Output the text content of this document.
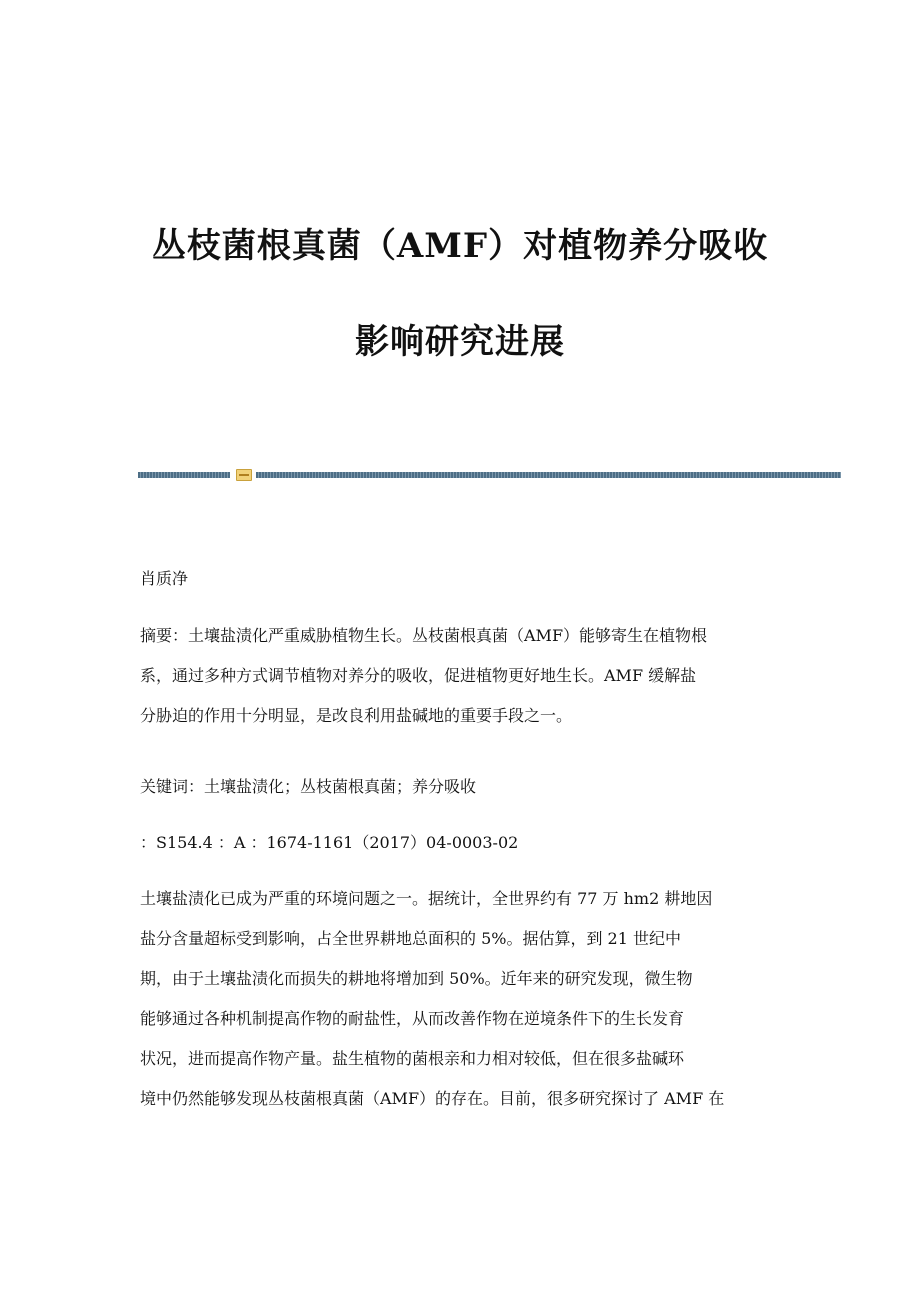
丛枝菌根真菌（AMF）对植物养分吸收
影响研究进展
肖质净
摘要：土壤盐渍化严重威胁植物生长。丛枝菌根真菌（AMF）能够寄生在植物根
系，通过多种方式调节植物对养分的吸收，促进植物更好地生长。AMF 缓解盐
分胁迫的作用十分明显，是改良利用盐碱地的重要手段之一。
关键词：土壤盐渍化；丛枝菌根真菌；养分吸收
：S154.4 ：A ：1674-1161（2017）04-0003-02
土壤盐渍化已成为严重的环境问题之一。据统计，全世界约有 77 万 hm2 耕地因
盐分含量超标受到影响，占全世界耕地总面积的 5%。据估算，到 21 世纪中
期，由于土壤盐渍化而损失的耕地将增加到 50%。近年来的研究发现，微生物
能够通过各种机制提高作物的耐盐性，从而改善作物在逆境条件下的生长发育
状况，进而提高作物产量。盐生植物的菌根亲和力相对较低，但在很多盐碱环
境中仍然能够发现丛枝菌根真菌（AMF）的存在。目前，很多研究探讨了 AMF 在
